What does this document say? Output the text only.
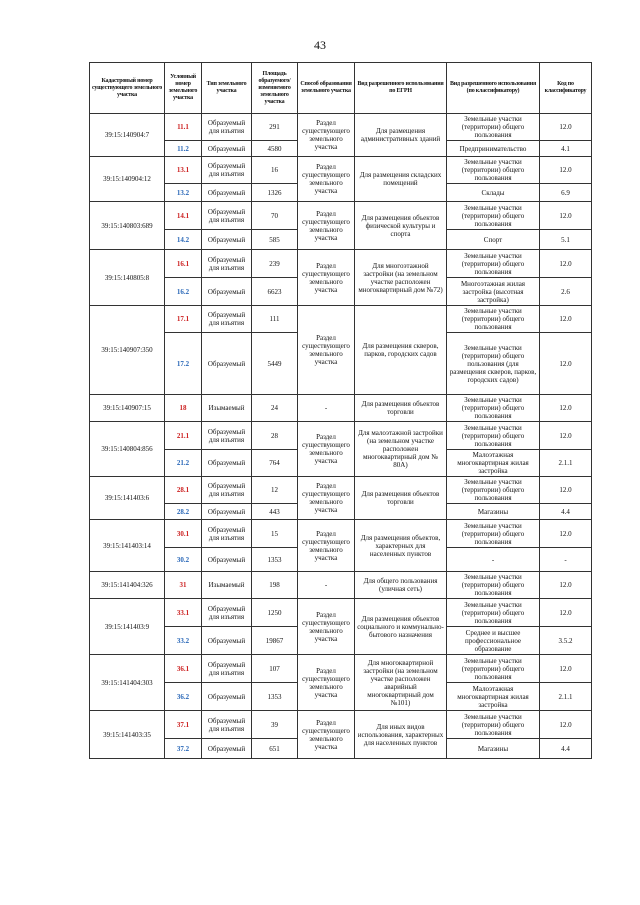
43
Кадастровый номер существующего земельного участка	Условный номер земельного участка	Тип земельного участка	Площадь образуемого/изменяемого земельного участка	Способ образования земельного участка	Вид разрешенного использования по ЕГРН	Вид разрешенного использования (по классификатору)	Код по классификатору
39:15:140904:7	11.1	Образуемый для изъятия	291	Раздел существующего земельного участка	Для размещения административных зданий	Земельные участки (территории) общего пользования	12.0
	11.2	Образуемый	4580			Предпринимательство	4.1
39:15:140904:12	13.1	Образуемый для изъятия	16	Раздел существующего земельного участка	Для размещения складских помещений	Земельные участки (территории) общего пользования	12.0
	13.2	Образуемый	1326			Склады	6.9
39:15:140803:689	14.1	Образуемый для изъятия	70	Раздел существующего земельного участка	Для размещения объектов физической культуры и спорта	Земельные участки (территории) общего пользования	12.0
	14.2	Образуемый	585			Спорт	5.1
39:15:140805:8	16.1	Образуемый для изъятия	239	Раздел существующего земельного участка	Для многоэтажной застройки (на земельном участке расположен многоквартирный дом №72)	Земельные участки (территории) общего пользования	12.0
	16.2	Образуемый	6623			Многоэтажная жилая застройка (высотная застройка)	2.6
39:15:140907:350	17.1	Образуемый для изъятия	111	Раздел существующего земельного участка	Для размещения скверов, парков, городских садов	Земельные участки (территории) общего пользования	12.0
	17.2	Образуемый	5449			Земельные участки (территории) общего пользования (для размещения скверов, парков, городских садов)	12.0
39:15:140907:15	18	Изымаемый	24	-	Для размещения объектов торговли	Земельные участки (территории) общего пользования	12.0
39:15:140804:856	21.1	Образуемый для изъятия	28	Раздел существующего земельного участка	Для малоэтажной застройки (на земельном участке расположен многоквартирный дом № 80А)	Земельные участки (территории) общего пользования	12.0
	21.2	Образуемый	764			Малоэтажная многоквартирная жилая застройка	2.1.1
39:15:141403:6	28.1	Образуемый для изъятия	12	Раздел существующего земельного участка	Для размещения объектов торговли	Земельные участки (территории) общего пользования	12.0
	28.2	Образуемый	443			Магазины	4.4
39:15:141403:14	30.1	Образуемый для изъятия	15	Раздел существующего земельного участка	Для размещения объектов, характерных для населенных пунктов	Земельные участки (территории) общего пользования	12.0
	30.2	Образуемый	1353			-	-
39:15:141404:326	31	Изымаемый	198	-	Для общего пользования (уличная сеть)	Земельные участки (территории) общего пользования	12.0
39:15:141403:9	33.1	Образуемый для изъятия	1250	Раздел существующего земельного участка	Для размещения объектов социального и коммунально-бытового назначения	Земельные участки (территории) общего пользования	12.0
	33.2	Образуемый	19867			Среднее и высшее профессиональное образование	3.5.2
39:15:141404:303	36.1	Образуемый для изъятия	107	Раздел существующего земельного участка	Для многоквартирной застройки (на земельном участке расположен аварийный многоквартирный дом №101)	Земельные участки (территории) общего пользования	12.0
	36.2	Образуемый	1353			Малоэтажная многоквартирная жилая застройка	2.1.1
39:15:141403:35	37.1	Образуемый для изъятия	39	Раздел существующего земельного участка	Для иных видов использования, характерных для населенных пунктов	Земельные участки (территории) общего пользования	12.0
	37.2	Образуемый	651			Магазины	4.4
